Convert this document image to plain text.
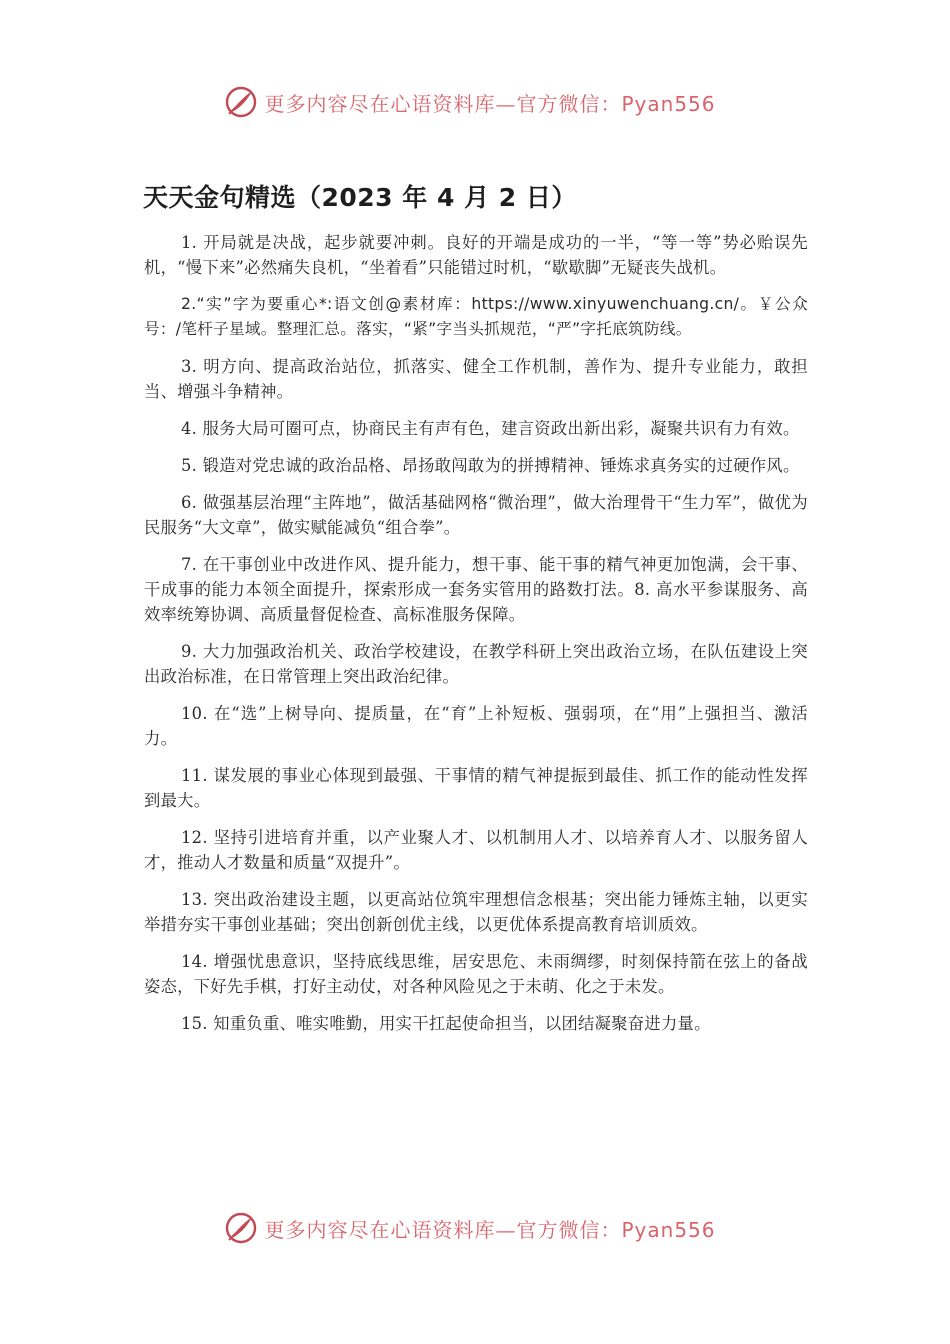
更多内容尽在心语资料库—官方微信：Pyan556
天天金句精选（2023 年 4 月 2 日）

1. 开局就是决战，起步就要冲刺。良好的开端是成功的一半，“等一等”势必贻误先机，“慢下来”必然痛失良机，“坐着看”只能错过时机，“歇歇脚”无疑丧失战机。

2.“实”字为要重心*:语文创@素材库：https://www.xinyuwenchuang.cn/。￥公众号：/笔杆子星域。整理汇总。落实，“紧”字当头抓规范，“严”字托底筑防线。

3. 明方向、提高政治站位，抓落实、健全工作机制，善作为、提升专业能力，敢担当、增强斗争精神。

4. 服务大局可圈可点，协商民主有声有色，建言资政出新出彩，凝聚共识有力有效。

5. 锻造对党忠诚的政治品格、昂扬敢闯敢为的拼搏精神、锤炼求真务实的过硬作风。

6. 做强基层治理“主阵地”，做活基础网格“微治理”，做大治理骨干“生力军”，做优为民服务“大文章”，做实赋能减负“组合拳”。

7. 在干事创业中改进作风、提升能力，想干事、能干事的精气神更加饱满，会干事、干成事的能力本领全面提升，探索形成一套务实管用的路数打法。8. 高水平参谋服务、高效率统筹协调、高质量督促检查、高标准服务保障。

9. 大力加强政治机关、政治学校建设，在教学科研上突出政治立场，在队伍建设上突出政治标准，在日常管理上突出政治纪律。

10. 在“选”上树导向、提质量，在“育”上补短板、强弱项，在“用”上强担当、激活力。

11. 谋发展的事业心体现到最强、干事情的精气神提振到最佳、抓工作的能动性发挥到最大。

12. 坚持引进培育并重，以产业聚人才、以机制用人才、以培养育人才、以服务留人才，推动人才数量和质量“双提升”。

13. 突出政治建设主题，以更高站位筑牢理想信念根基；突出能力锤炼主轴，以更实举措夯实干事创业基础；突出创新创优主线，以更优体系提高教育培训质效。

14. 增强忧患意识，坚持底线思维，居安思危、未雨绸缪，时刻保持箭在弦上的备战姿态，下好先手棋，打好主动仗，对各种风险见之于未萌、化之于未发。

15. 知重负重、唯实唯勤，用实干扛起使命担当，以团结凝聚奋进力量。

更多内容尽在心语资料库—官方微信：Pyan556
